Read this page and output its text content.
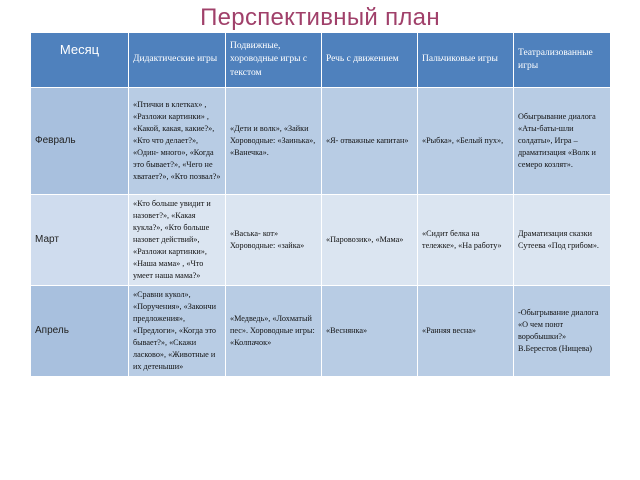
Перспективный план
Месяц	Дидактические игры	Подвижные, хороводные игры с текстом	Речь с движением	Пальчиковые игры	Театрализованные игры
Февраль	«Птички в клетках» , «Разложи картинки» , «Какой, какая, какие?», «Кто что делает?», «Один- много», «Когда это бывает?», «Чего не хватает?», «Кто позвал?»	«Дети и волк», «Зайки Хороводные: «Заинька», «Ванечка».	«Я- отважные капитан»	«Рыбка», «Белый пух»,	Обыгрывание диалога «Аты-баты-шли солдаты», Игра – драматизация «Волк и семеро козлят».
Март	«Кто больше увидит и назовет?», «Какая кукла?», «Кто больше назовет действий», «Разложи картинки», «Наша мама» , «Что умеет наша мама?»	«Васька- кот» Хороводные: «зайка»	«Паровозик», «Мама»	«Сидит белка на тележке», «На работу»	Драматизация сказки Сутеева «Под грибом».
Апрель	«Сравни кукол», «Поручения», «Закончи предложения», «Предлоги», «Когда это бывает?», «Скажи ласково», «Животные и их детеныши»	«Медведь», «Лохматый пес». Хороводные игры: «Колпачок»	«Веснянка»	«Ранняя весна»	-Обыгрывание диалога «О чем поют воробышки?» В.Берестов (Нищева)
